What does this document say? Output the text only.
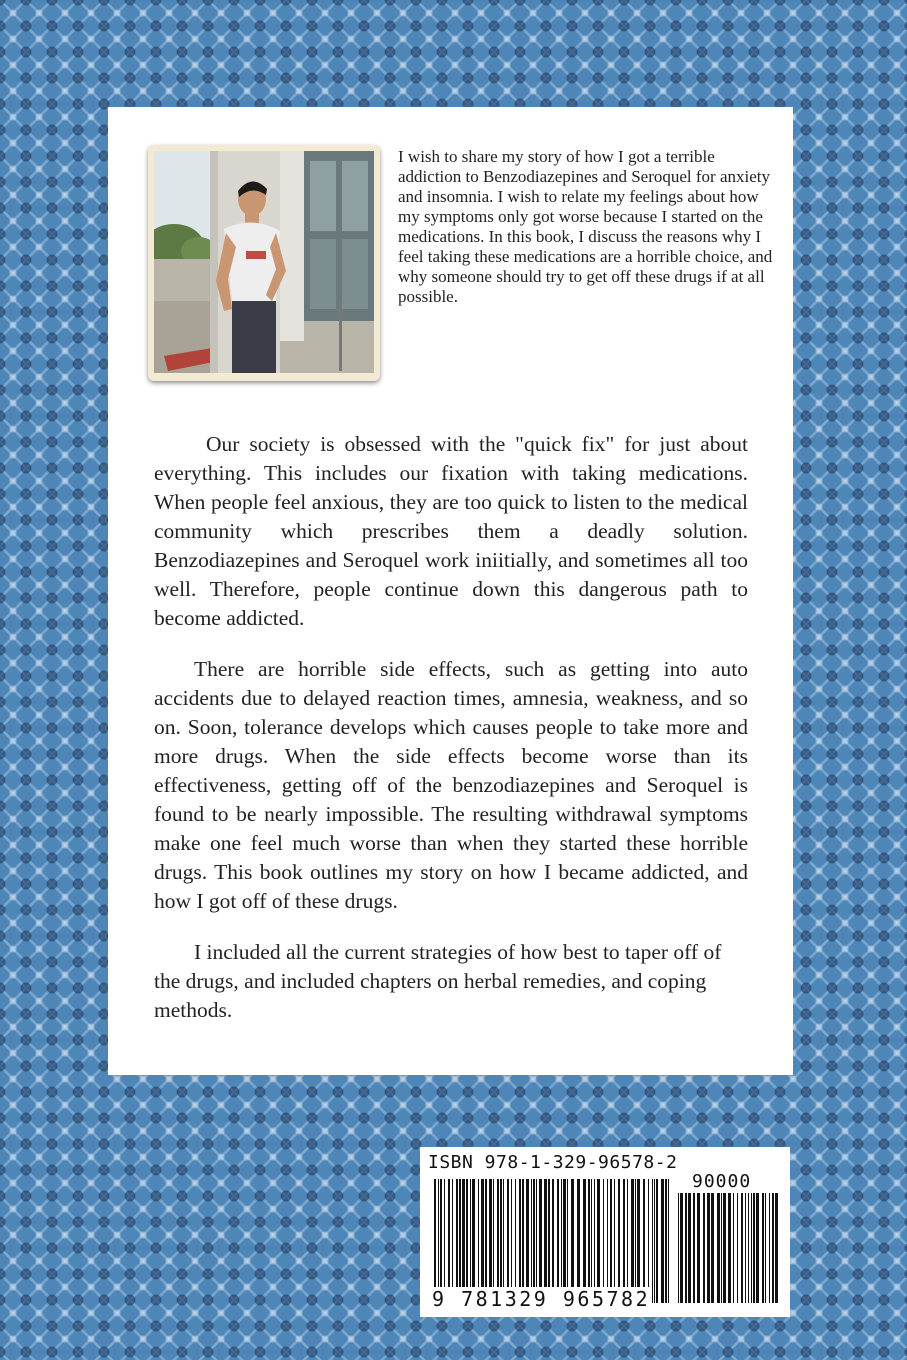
I wish to share my story of how I got a terrible addiction to Benzodiazepines and Seroquel for anxiety and insomnia. I wish to relate my feelings about how my symptoms only got worse because I started on the medications. In this book, I discuss the reasons why I feel taking these medications are a horrible choice, and why someone should try to get off these drugs if at all possible.

Our society is obsessed with the "quick fix" for just about everything. This includes our fixation with taking medications. When people feel anxious, they are too quick to listen to the medical community which prescribes them a deadly solution. Benzodiazepines and Seroquel work iniitially, and sometimes all too well. Therefore, people continue down this dangerous path to become addicted.

There are horrible side effects, such as getting into auto accidents due to delayed reaction times, amnesia, weakness, and so on. Soon, tolerance develops which causes people to take more and more drugs. When the side effects become worse than its effectiveness, getting off of the benzodiazepines and Seroquel is found to be nearly impossible. The resulting withdrawal symptoms make one feel much worse than when they started these horrible drugs. This book outlines my story on how I became addicted, and how I got off of these drugs.

I included all the current strategies of how best to taper off of the drugs, and included chapters on herbal remedies, and coping methods.

ISBN 978-1-329-96578-2
90000
9 781329 965782
